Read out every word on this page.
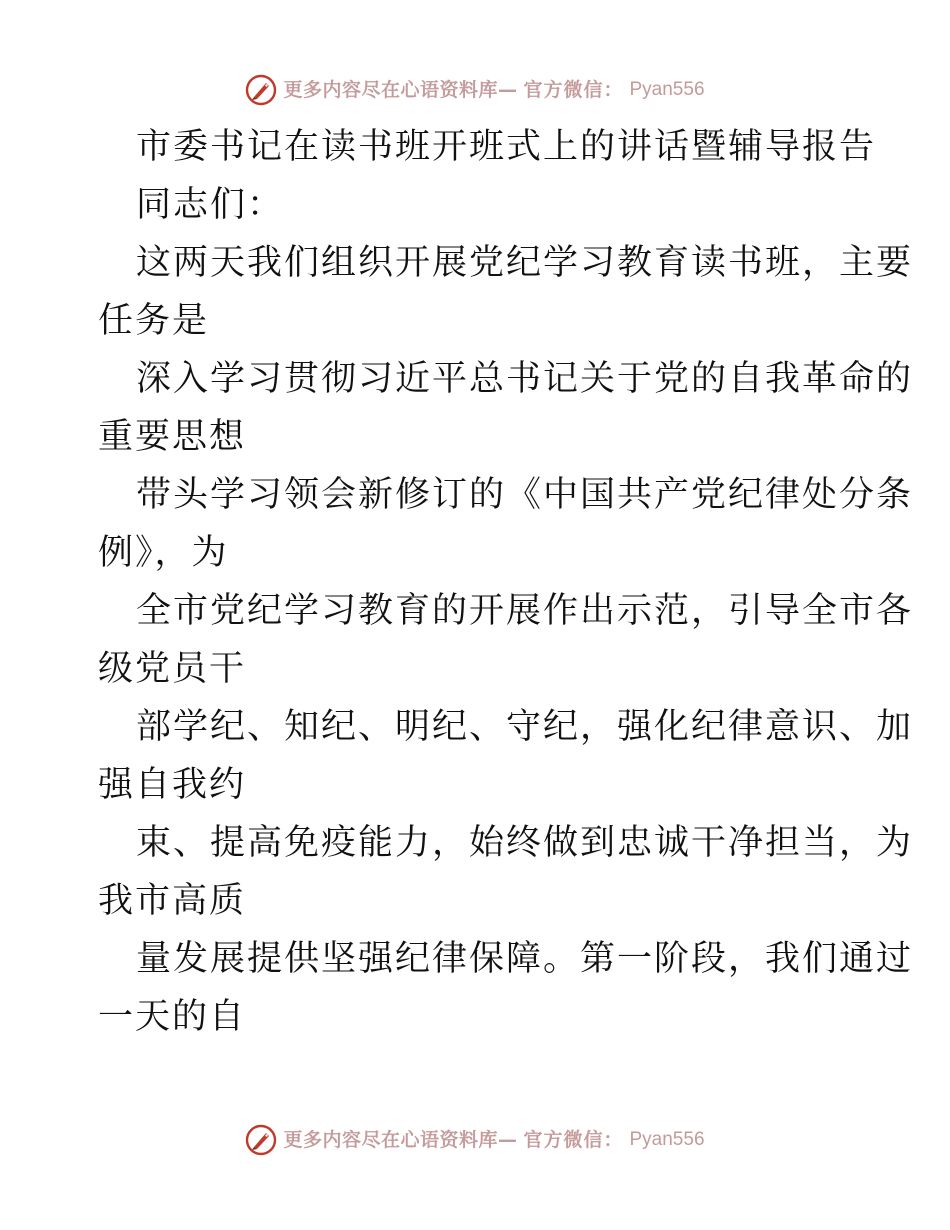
更多内容尽在心语资料库— 官方微信： Pyan556
市委书记在读书班开班式上的讲话暨辅导报告
同志们：
这两天我们组织开展党纪学习教育读书班，主要
任务是
深入学习贯彻习近平总书记关于党的自我革命的
重要思想
带头学习领会新修订的《中国共产党纪律处分条
例》，为
全市党纪学习教育的开展作出示范，引导全市各
级党员干
部学纪、知纪、明纪、守纪，强化纪律意识、加
强自我约
束、提高免疫能力，始终做到忠诚干净担当，为
我市高质
量发展提供坚强纪律保障。第一阶段，我们通过
一天的自
更多内容尽在心语资料库— 官方微信： Pyan556
